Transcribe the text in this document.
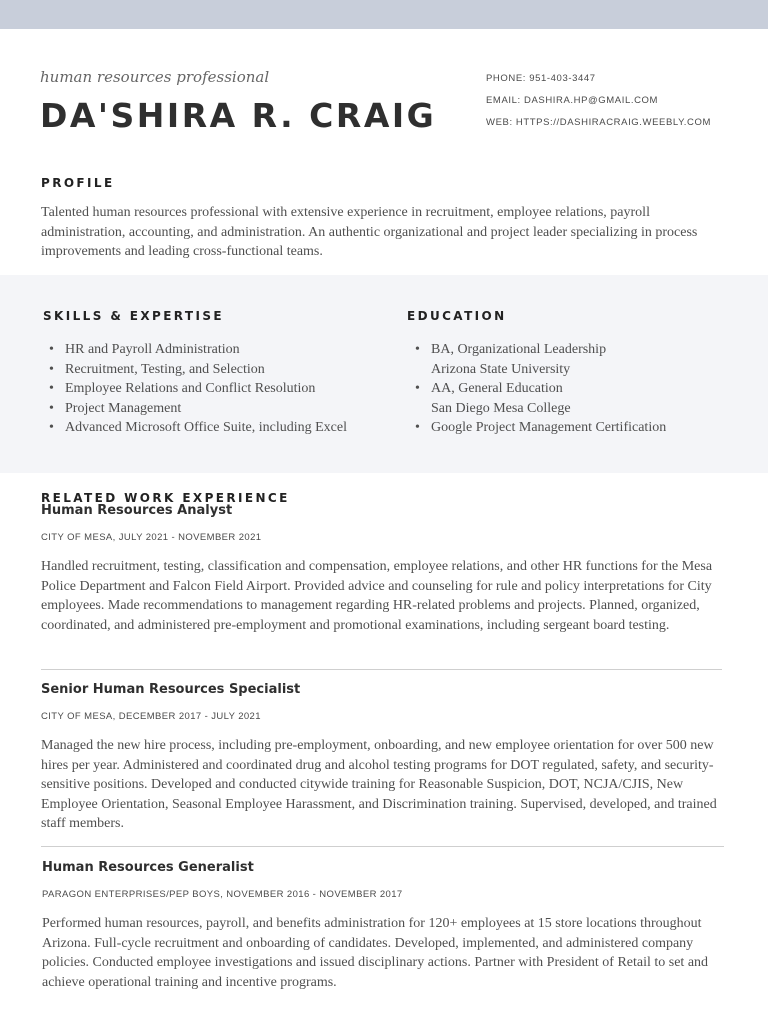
human resources professional
DA'SHIRA R. CRAIG
PHONE: 951-403-3447
EMAIL: DASHIRA.HP@GMAIL.COM
WEB: HTTPS://DASHIRACRAIG.WEEBLY.COM
PROFILE
Talented human resources professional with extensive experience in recruitment, employee relations, payroll administration, accounting, and administration. An authentic organizational and project leader specializing in process improvements and leading cross-functional teams.
SKILLS & EXPERTISE
• HR and Payroll Administration
• Recruitment, Testing, and Selection
• Employee Relations and Conflict Resolution
• Project Management
• Advanced Microsoft Office Suite, including Excel
EDUCATION
• BA, Organizational Leadership
Arizona State University
• AA, General Education
San Diego Mesa College
• Google Project Management Certification
RELATED WORK EXPERIENCE
Human Resources Analyst
CITY OF MESA, JULY 2021 - NOVEMBER 2021
Handled recruitment, testing, classification and compensation, employee relations, and other HR functions for the Mesa Police Department and Falcon Field Airport. Provided advice and counseling for rule and policy interpretations for City employees. Made recommendations to management regarding HR-related problems and projects. Planned, organized, coordinated, and administered pre-employment and promotional examinations, including sergeant board testing.
Senior Human Resources Specialist
CITY OF MESA, DECEMBER 2017 - JULY 2021
Managed the new hire process, including pre-employment, onboarding, and new employee orientation for over 500 new hires per year. Administered and coordinated drug and alcohol testing programs for DOT regulated, safety, and security-sensitive positions. Developed and conducted citywide training for Reasonable Suspicion, DOT, NCJA/CJIS, New Employee Orientation, Seasonal Employee Harassment, and Discrimination training. Supervised, developed, and trained staff members.
Human Resources Generalist
PARAGON ENTERPRISES/PEP BOYS, NOVEMBER 2016 - NOVEMBER 2017
Performed human resources, payroll, and benefits administration for 120+ employees at 15 store locations throughout Arizona. Full-cycle recruitment and onboarding of candidates. Developed, implemented, and administered company policies. Conducted employee investigations and issued disciplinary actions. Partner with President of Retail to set and achieve operational training and incentive programs.
